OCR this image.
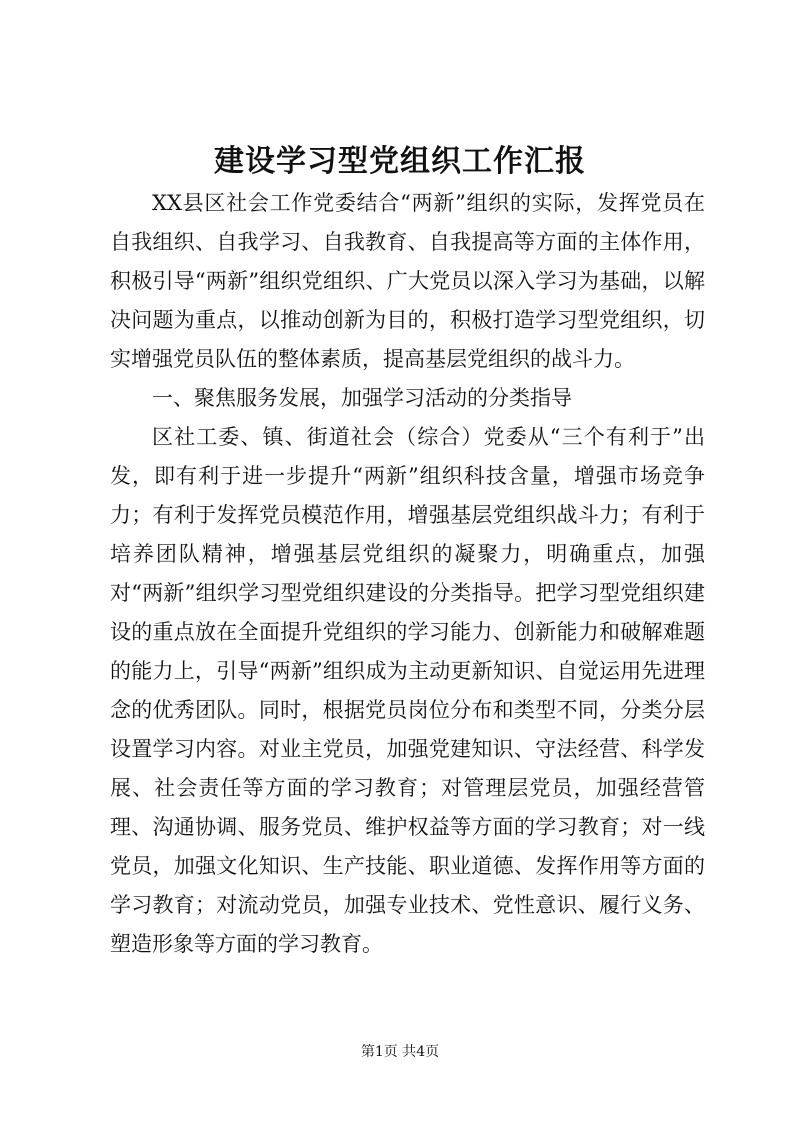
建设学习型党组织工作汇报

XX县区社会工作党委结合“两新”组织的实际，发挥党员在自我组织、自我学习、自我教育、自我提高等方面的主体作用，积极引导“两新”组织党组织、广大党员以深入学习为基础，以解决问题为重点，以推动创新为目的，积极打造学习型党组织，切实增强党员队伍的整体素质，提高基层党组织的战斗力。

一、聚焦服务发展，加强学习活动的分类指导

区社工委、镇、街道社会（综合）党委从“三个有利于”出发，即有利于进一步提升“两新”组织科技含量，增强市场竞争力；有利于发挥党员模范作用，增强基层党组织战斗力；有利于培养团队精神，增强基层党组织的凝聚力，明确重点，加强对“两新”组织学习型党组织建设的分类指导。把学习型党组织建设的重点放在全面提升党组织的学习能力、创新能力和破解难题的能力上，引导“两新”组织成为主动更新知识、自觉运用先进理念的优秀团队。同时，根据党员岗位分布和类型不同，分类分层设置学习内容。对业主党员，加强党建知识、守法经营、科学发展、社会责任等方面的学习教育；对管理层党员，加强经营管理、沟通协调、服务党员、维护权益等方面的学习教育；对一线党员，加强文化知识、生产技能、职业道德、发挥作用等方面的学习教育；对流动党员，加强专业技术、党性意识、履行义务、塑造形象等方面的学习教育。

第1页 共4页
